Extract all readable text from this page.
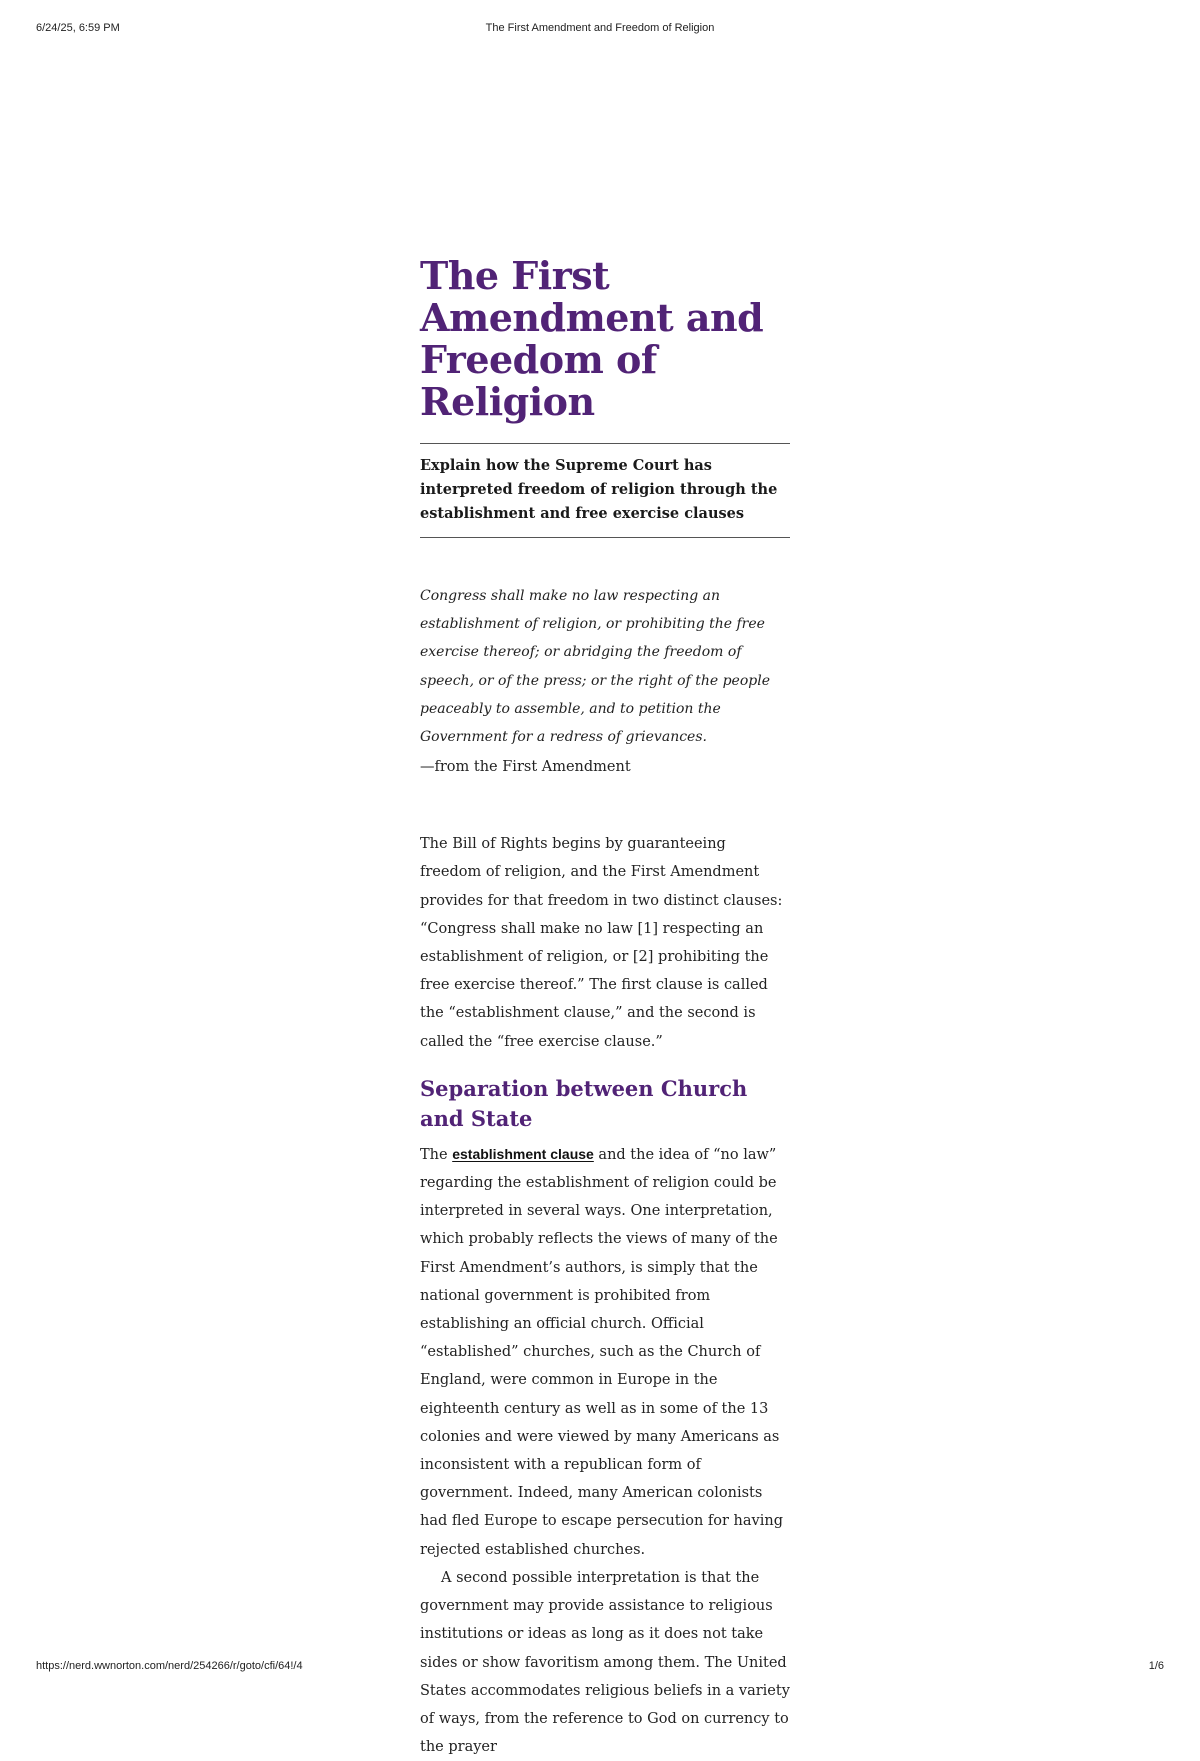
6/24/25, 6:59 PM	The First Amendment and Freedom of Religion
The First
Amendment and
Freedom of
Religion
Explain how the Supreme Court has interpreted freedom of religion through the establishment and free exercise clauses

Congress shall make no law respecting an establishment of religion, or prohibiting the free exercise thereof; or abridging the freedom of speech, or of the press; or the right of the people peaceably to assemble, and to petition the Government for a redress of grievances.

—from the First Amendment

The Bill of Rights begins by guaranteeing freedom of religion, and the First Amendment provides for that freedom in two distinct clauses: “Congress shall make no law [1] respecting an establishment of religion, or [2] prohibiting the free exercise thereof.” The first clause is called the “establishment clause,” and the second is called the “free exercise clause.”

Separation between Church and State

The establishment clause and the idea of “no law” regarding the establishment of religion could be interpreted in several ways. One interpretation, which probably reflects the views of many of the First Amendment’s authors, is simply that the national government is prohibited from establishing an official church. Official “established” churches, such as the Church of England, were common in Europe in the eighteenth century as well as in some of the 13 colonies and were viewed by many Americans as inconsistent with a republican form of government. Indeed, many American colonists had fled Europe to escape persecution for having rejected established churches.

A second possible interpretation is that the government may provide assistance to religious institutions or ideas as long as it does not take sides or show favoritism among them. The United States accommodates religious beliefs in a variety of ways, from the reference to God on currency to the prayer

https://nerd.wwnorton.com/nerd/254266/r/goto/cfi/64!/4	1/6
